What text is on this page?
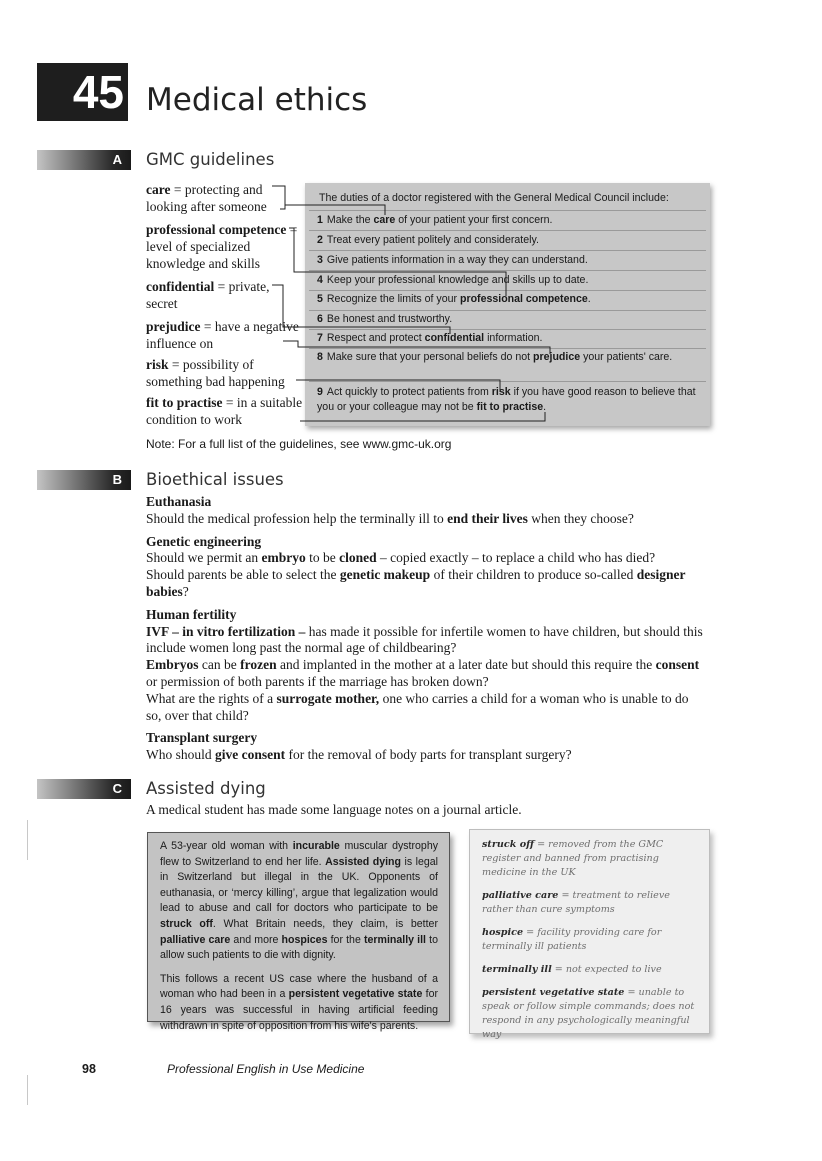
45 Medical ethics
A	GMC guidelines
care = protecting and looking after someone
professional competence = level of specialized knowledge and skills
confidential = private, secret
prejudice = have a negative influence on
risk = possibility of something bad happening
fit to practise = in a suitable condition to work
The duties of a doctor registered with the General Medical Council include:
1 Make the care of your patient your first concern.
2 Treat every patient politely and considerately.
3 Give patients information in a way they can understand.
4 Keep your professional knowledge and skills up to date.
5 Recognize the limits of your professional competence.
6 Be honest and trustworthy.
7 Respect and protect confidential information.
8 Make sure that your personal beliefs do not prejudice your patients' care.
9 Act quickly to protect patients from risk if you have good reason to believe that you or your colleague may not be fit to practise.
Note: For a full list of the guidelines, see www.gmc-uk.org
B	Bioethical issues
Euthanasia
Should the medical profession help the terminally ill to end their lives when they choose?
Genetic engineering
Should we permit an embryo to be cloned – copied exactly – to replace a child who has died?
Should parents be able to select the genetic makeup of their children to produce so-called designer babies?
Human fertility
IVF – in vitro fertilization – has made it possible for infertile women to have children, but should this include women long past the normal age of childbearing?
Embryos can be frozen and implanted in the mother at a later date but should this require the consent or permission of both parents if the marriage has broken down?
What are the rights of a surrogate mother, one who carries a child for a woman who is unable to do so, over that child?
Transplant surgery
Who should give consent for the removal of body parts for transplant surgery?
C	Assisted dying
A medical student has made some language notes on a journal article.

A 53-year old woman with incurable muscular dystrophy flew to Switzerland to end her life. Assisted dying is legal in Switzerland but illegal in the UK. Opponents of euthanasia, or ‘mercy killing’, argue that legalization would lead to abuse and call for doctors who participate to be struck off. What Britain needs, they claim, is better palliative care and more hospices for the terminally ill to allow such patients to die with dignity.

This follows a recent US case where the husband of a woman who had been in a persistent vegetative state for 16 years was successful in having artificial feeding withdrawn in spite of opposition from his wife's parents.

struck off = removed from the GMC register and banned from practising medicine in the UK
palliative care = treatment to relieve rather than cure symptoms
hospice = facility providing care for terminally ill patients
terminally ill = not expected to live
persistent vegetative state = unable to speak or follow simple commands; does not respond in any psychologically meaningful way
98	Professional English in Use Medicine
